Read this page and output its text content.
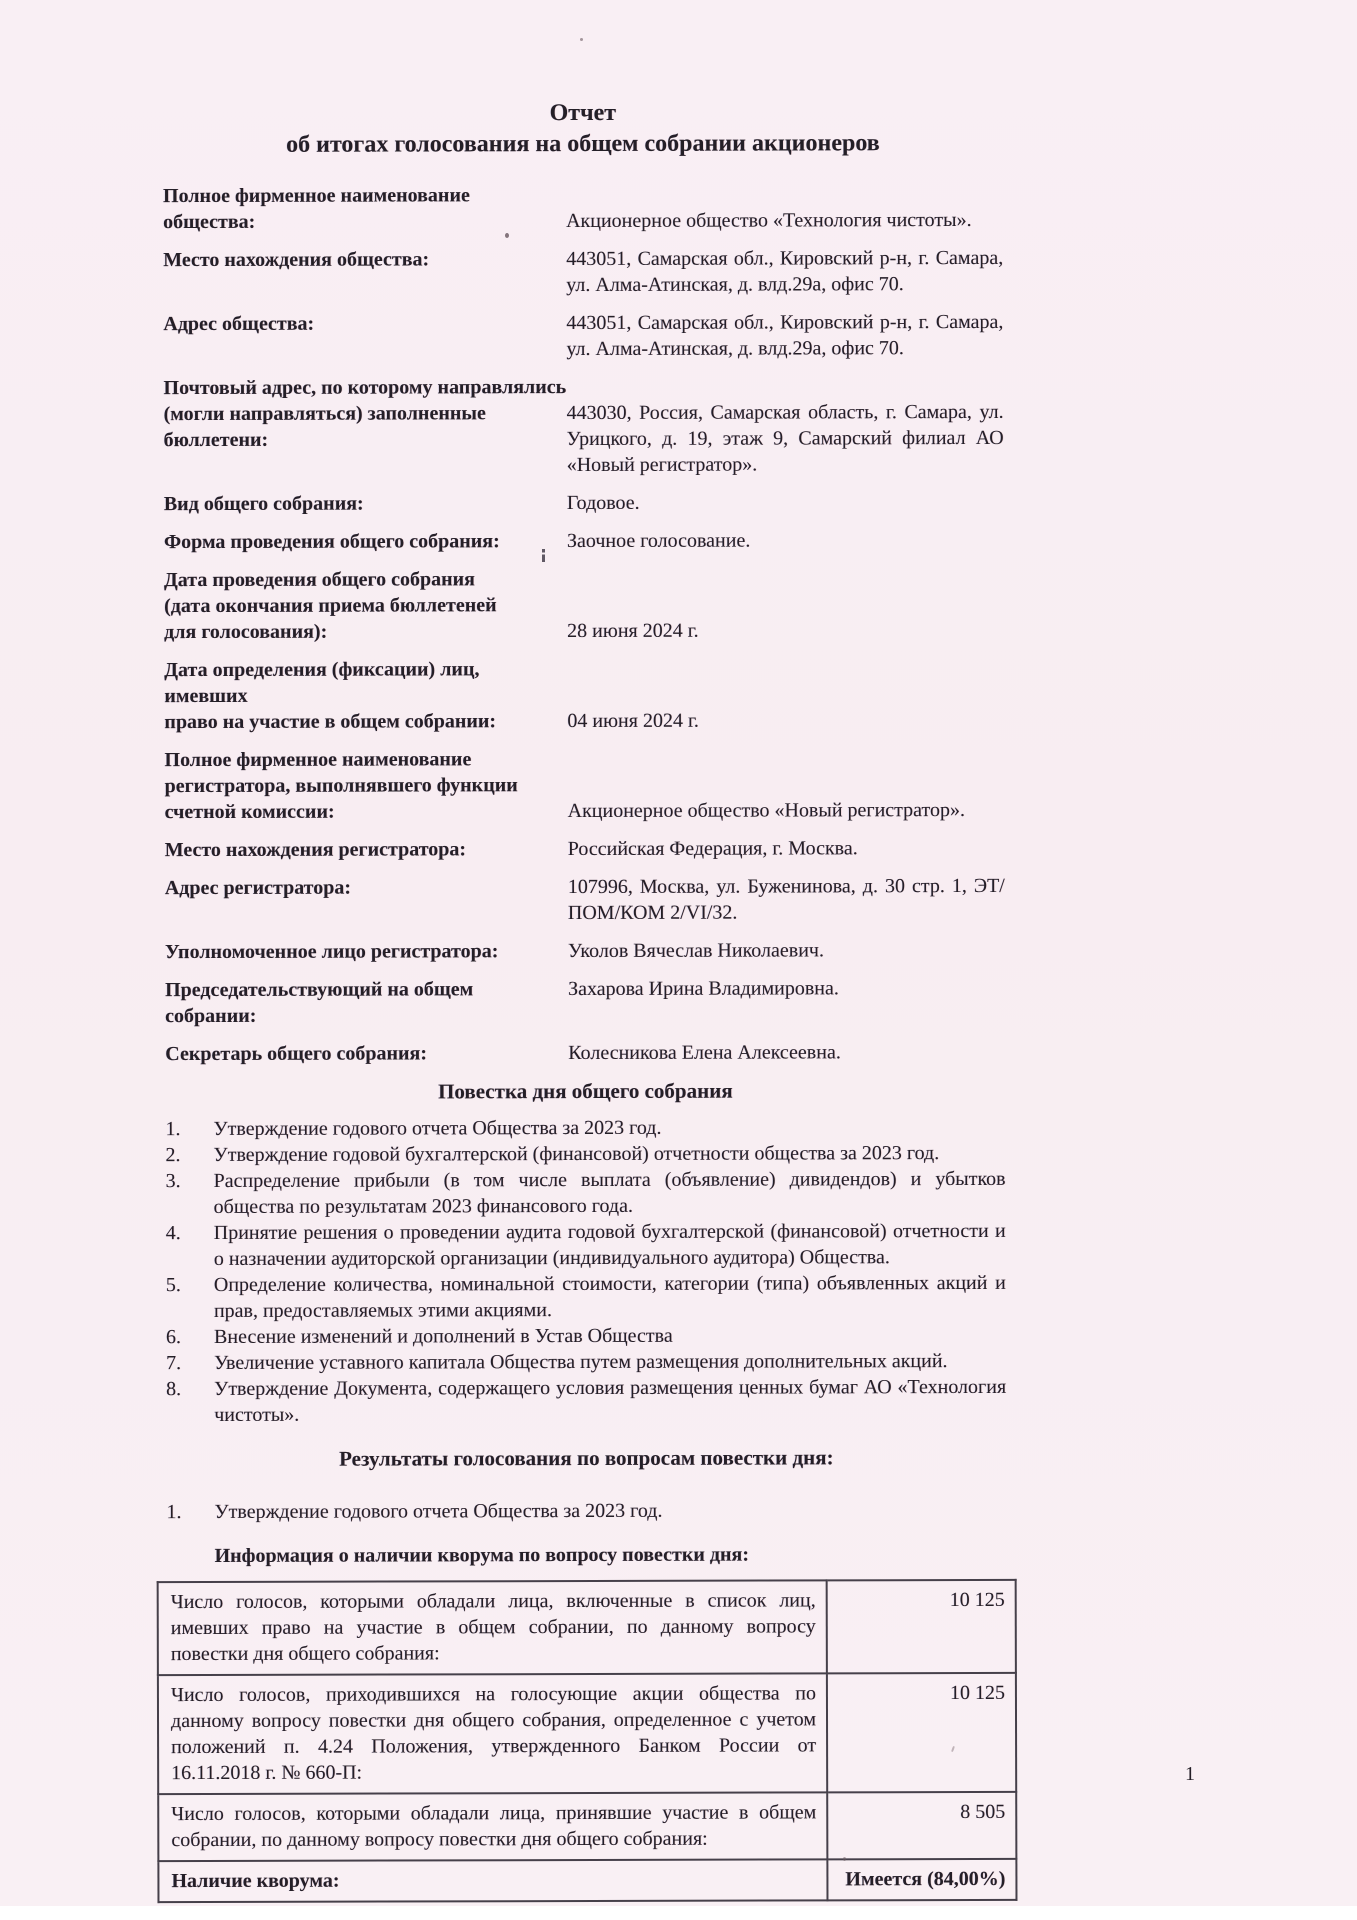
Отчет
об итогах голосования на общем собрании акционеров
Полное фирменное наименование
общества:	Акционерное общество «Технология чистоты».
Место нахождения общества:	443051, Самарская обл., Кировский р-н, г. Самара, ул. Алма-Атинская, д. влд.29а, офис 70.
Адрес общества:	443051, Самарская обл., Кировский р-н, г. Самара, ул. Алма-Атинская, д. влд.29а, офис 70.
Почтовый адрес, по которому направлялись
(могли направляться) заполненные бюллетени:
443030, Россия, Самарская область, г. Самара, ул. Урицкого, д. 19, этаж 9, Самарский филиал АО «Новый регистратор».
Вид общего собрания:	Годовое.
Форма проведения общего собрания:	Заочное голосование.
Дата проведения общего собрания
(дата окончания приема бюллетеней
для голосования):	28 июня 2024 г.
Дата определения (фиксации) лиц, имевших
право на участие в общем собрании:	04 июня 2024 г.
Полное фирменное наименование
регистратора, выполнявшего функции
счетной комиссии:	Акционерное общество «Новый регистратор».
Место нахождения регистратора:	Российская Федерация, г. Москва.
Адрес регистратора:	107996, Москва, ул. Буженинова, д. 30 стр. 1, ЭТ/ПОМ/КОМ 2/VI/32.
Уполномоченное лицо регистратора:	Уколов Вячеслав Николаевич.
Председательствующий на общем собрании:
Захарова Ирина Владимировна.
Секретарь общего собрания:	Колесникова Елена Алексеевна.
Повестка дня общего собрания
1.	Утверждение годового отчета Общества за 2023 год.
2.	Утверждение годовой бухгалтерской (финансовой) отчетности общества за 2023 год.
3.	Распределение прибыли (в том числе выплата (объявление) дивидендов) и убытков общества по результатам 2023 финансового года.
4.	Принятие решения о проведении аудита годовой бухгалтерской (финансовой) отчетности и о назначении аудиторской организации (индивидуального аудитора) Общества.
5.	Определение количества, номинальной стоимости, категории (типа) объявленных акций и прав, предоставляемых этими акциями.
6.	Внесение изменений и дополнений в Устав Общества
7.	Увеличение уставного капитала Общества путем размещения дополнительных акций.
8.	Утверждение Документа, содержащего условия размещения ценных бумаг АО «Технология чистоты».
Результаты голосования по вопросам повестки дня:
1.	Утверждение годового отчета Общества за 2023 год.
Информация о наличии кворума по вопросу повестки дня:
Число голосов, которыми обладали лица, включенные в список лиц, имевших право на участие в общем собрании, по данному вопросу повестки дня общего собрания:	10 125
Число голосов, приходившихся на голосующие акции общества по данному вопросу повестки дня общего собрания, определенное с учетом положений п. 4.24 Положения, утвержденного Банком России от 16.11.2018 г. № 660-П:	10 125
Число голосов, которыми обладали лица, принявшие участие в общем собрании, по данному вопросу повестки дня общего собрания:	8 505
Наличие кворума:	Имеется (84,00%)
1
